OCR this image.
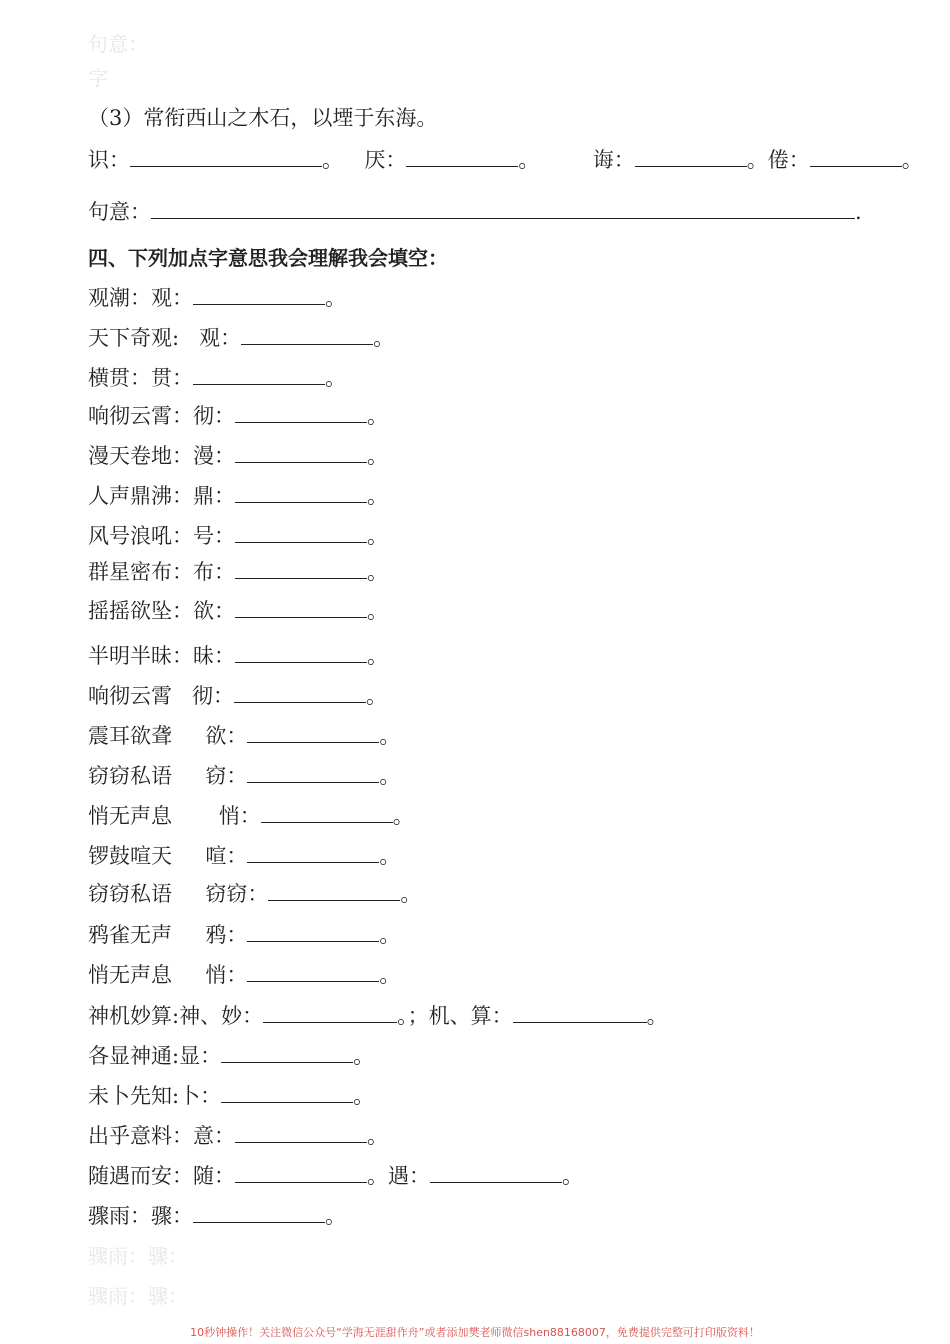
句意：
字
（3）常衔西山之木石，以堙于东海。
识：	。 厌：	。	诲：	。倦：	。
句意：	.
四、下列加点字意思我会理解我会填空：
观潮：观：	。
天下奇观:   观：	。
横贯：贯：	。
响彻云霄：彻：	。
漫天卷地：漫：	。
人声鼎沸：鼎：	。
风号浪吼：号：	。
群星密布：布：	。
摇摇欲坠：欲：	。
半明半昧：昧：	。
响彻云霄   彻：	。
震耳欲聋     欲：	。
窃窃私语     窃：	。
悄无声息       悄：	。
锣鼓喧天     喧：	。
窃窃私语     窃窃：	。
鸦雀无声     鸦：	。
悄无声息     悄：	。
神机妙算:神、妙：	。；机、算：	。
各显神通:显：	。
未卜先知:卜：	。
出乎意料：意：	。
随遇而安：随：	。遇：	。
骤雨：骤：	。
骤雨：骤：
骤雨：骤：
10秒钟操作！关注微信公众号“学海无涯甜作舟”或者添加樊老师微信shen88168007，免费提供完整可打印版资料！
